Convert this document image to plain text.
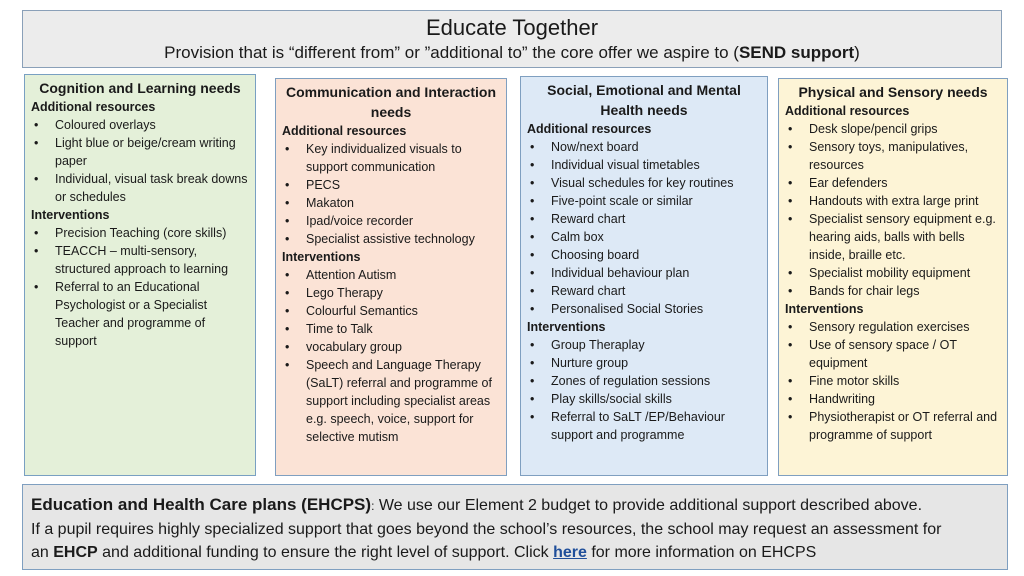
Educate Together
Provision that is “different from” or ”additional to” the core offer we aspire to (SEND support)
Cognition and Learning needs
Additional resources
• Coloured overlays
• Light blue or beige/cream writing paper
• Individual, visual task break downs or schedules
Interventions
• Precision Teaching (core skills)
• TEACCH – multi-sensory, structured approach to learning
• Referral to an Educational Psychologist or a Specialist Teacher and programme of support
Communication and Interaction needs
Additional resources
• Key individualized visuals to support communication
• PECS
• Makaton
• Ipad/voice recorder
• Specialist assistive technology
Interventions
• Attention Autism
• Lego Therapy
• Colourful Semantics
• Time to Talk
• vocabulary group
• Speech and Language Therapy (SaLT) referral and programme of support including specialist areas e.g. speech, voice, support for selective mutism
Social, Emotional and Mental Health needs
Additional resources
• Now/next board
• Individual visual timetables
• Visual schedules for key routines
• Five-point scale or similar
• Reward chart
• Calm box
• Choosing board
• Individual behaviour plan
• Reward chart
• Personalised Social Stories
Interventions
• Group Theraplay
• Nurture group
• Zones of regulation sessions
• Play skills/social skills
• Referral to SaLT /EP/Behaviour support and programme
Physical and Sensory needs
Additional resources
• Desk slope/pencil grips
• Sensory toys, manipulatives, resources
• Ear defenders
• Handouts with extra large print
• Specialist sensory equipment e.g. hearing aids, balls with bells inside, braille etc.
• Specialist mobility equipment
• Bands for chair legs
Interventions
• Sensory regulation exercises
• Use of sensory space / OT equipment
• Fine motor skills
• Handwriting
• Physiotherapist or OT referral and programme of support

Education and Health Care plans (EHCPS): We use our Element 2 budget to provide additional support described above.

If a pupil requires highly specialized support that goes beyond the school’s resources, the school may request an assessment for

an EHCP and additional funding to ensure the right level of support. Click here for more information on EHCPS
